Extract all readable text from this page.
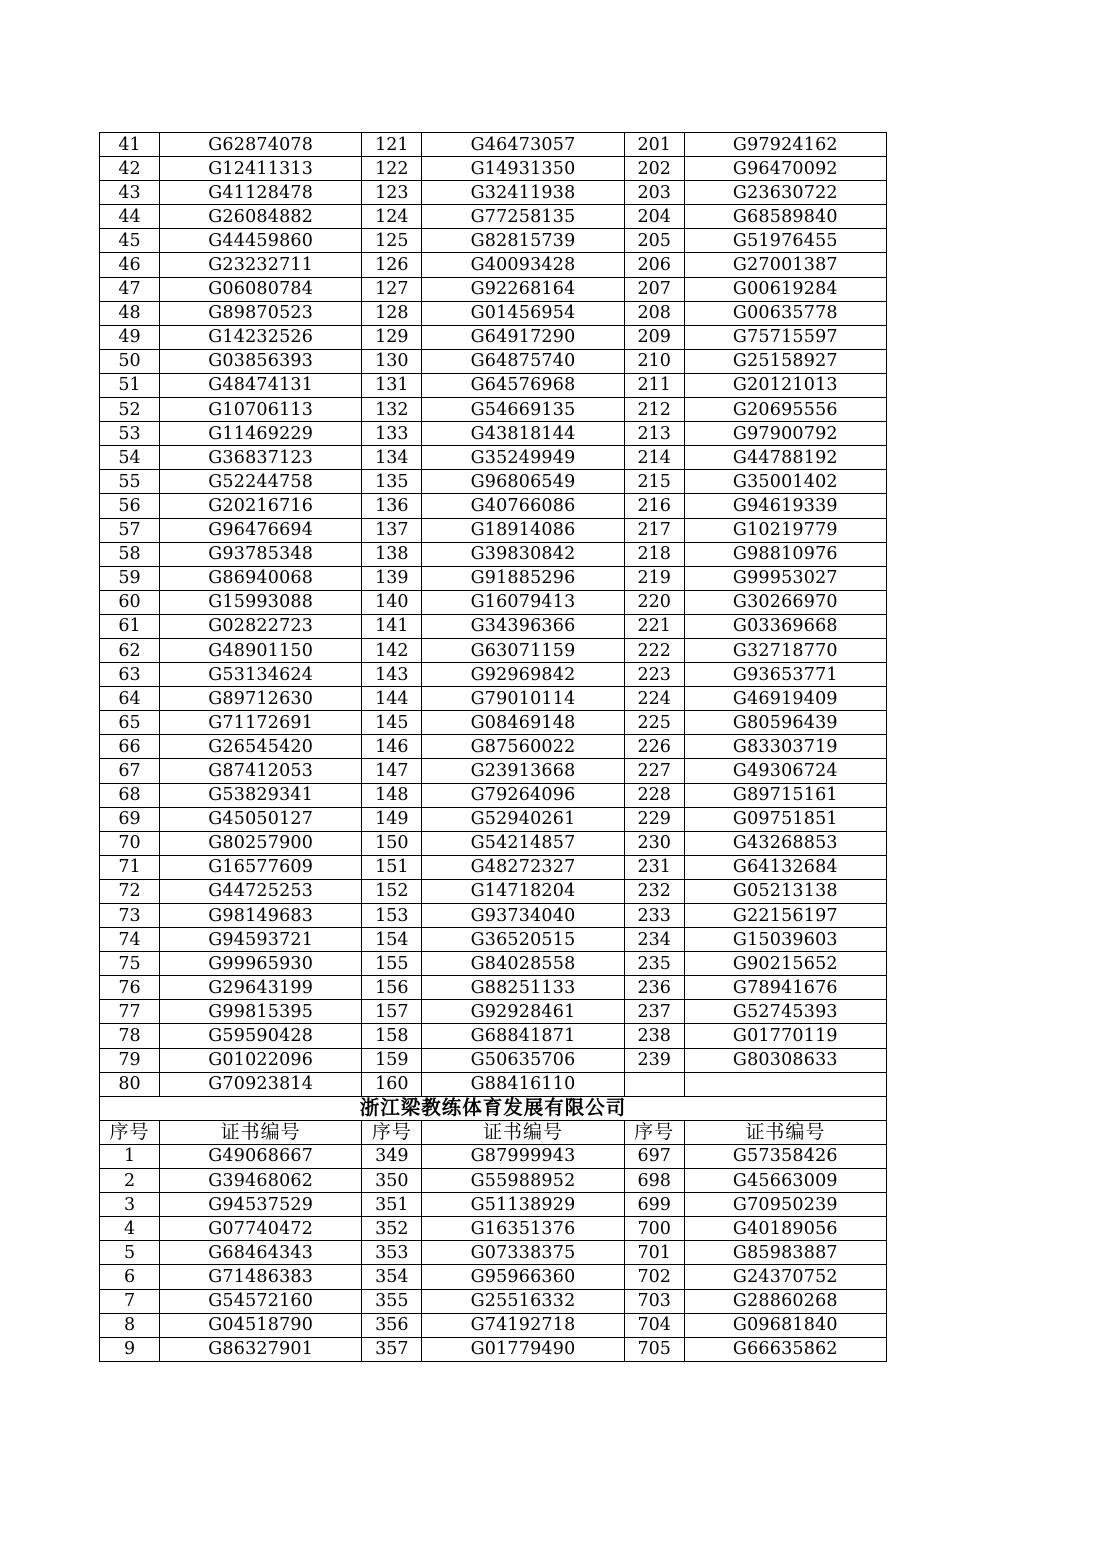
41	G62874078	121	G46473057	201	G97924162
42	G12411313	122	G14931350	202	G96470092
43	G41128478	123	G32411938	203	G23630722
44	G26084882	124	G77258135	204	G68589840
45	G44459860	125	G82815739	205	G51976455
46	G23232711	126	G40093428	206	G27001387
47	G06080784	127	G92268164	207	G00619284
48	G89870523	128	G01456954	208	G00635778
49	G14232526	129	G64917290	209	G75715597
50	G03856393	130	G64875740	210	G25158927
51	G48474131	131	G64576968	211	G20121013
52	G10706113	132	G54669135	212	G20695556
53	G11469229	133	G43818144	213	G97900792
54	G36837123	134	G35249949	214	G44788192
55	G52244758	135	G96806549	215	G35001402
56	G20216716	136	G40766086	216	G94619339
57	G96476694	137	G18914086	217	G10219779
58	G93785348	138	G39830842	218	G98810976
59	G86940068	139	G91885296	219	G99953027
60	G15993088	140	G16079413	220	G30266970
61	G02822723	141	G34396366	221	G03369668
62	G48901150	142	G63071159	222	G32718770
63	G53134624	143	G92969842	223	G93653771
64	G89712630	144	G79010114	224	G46919409
65	G71172691	145	G08469148	225	G80596439
66	G26545420	146	G87560022	226	G83303719
67	G87412053	147	G23913668	227	G49306724
68	G53829341	148	G79264096	228	G89715161
69	G45050127	149	G52940261	229	G09751851
70	G80257900	150	G54214857	230	G43268853
71	G16577609	151	G48272327	231	G64132684
72	G44725253	152	G14718204	232	G05213138
73	G98149683	153	G93734040	233	G22156197
74	G94593721	154	G36520515	234	G15039603
75	G99965930	155	G84028558	235	G90215652
76	G29643199	156	G88251133	236	G78941676
77	G99815395	157	G92928461	237	G52745393
78	G59590428	158	G68841871	238	G01770119
79	G01022096	159	G50635706	239	G80308633
80	G70923814	160	G88416110		
浙江梁教练体育发展有限公司					
序号	证书编号	序号	证书编号	序号	证书编号
1	G49068667	349	G87999943	697	G57358426
2	G39468062	350	G55988952	698	G45663009
3	G94537529	351	G51138929	699	G70950239
4	G07740472	352	G16351376	700	G40189056
5	G68464343	353	G07338375	701	G85983887
6	G71486383	354	G95966360	702	G24370752
7	G54572160	355	G25516332	703	G28860268
8	G04518790	356	G74192718	704	G09681840
9	G86327901	357	G01779490	705	G66635862
